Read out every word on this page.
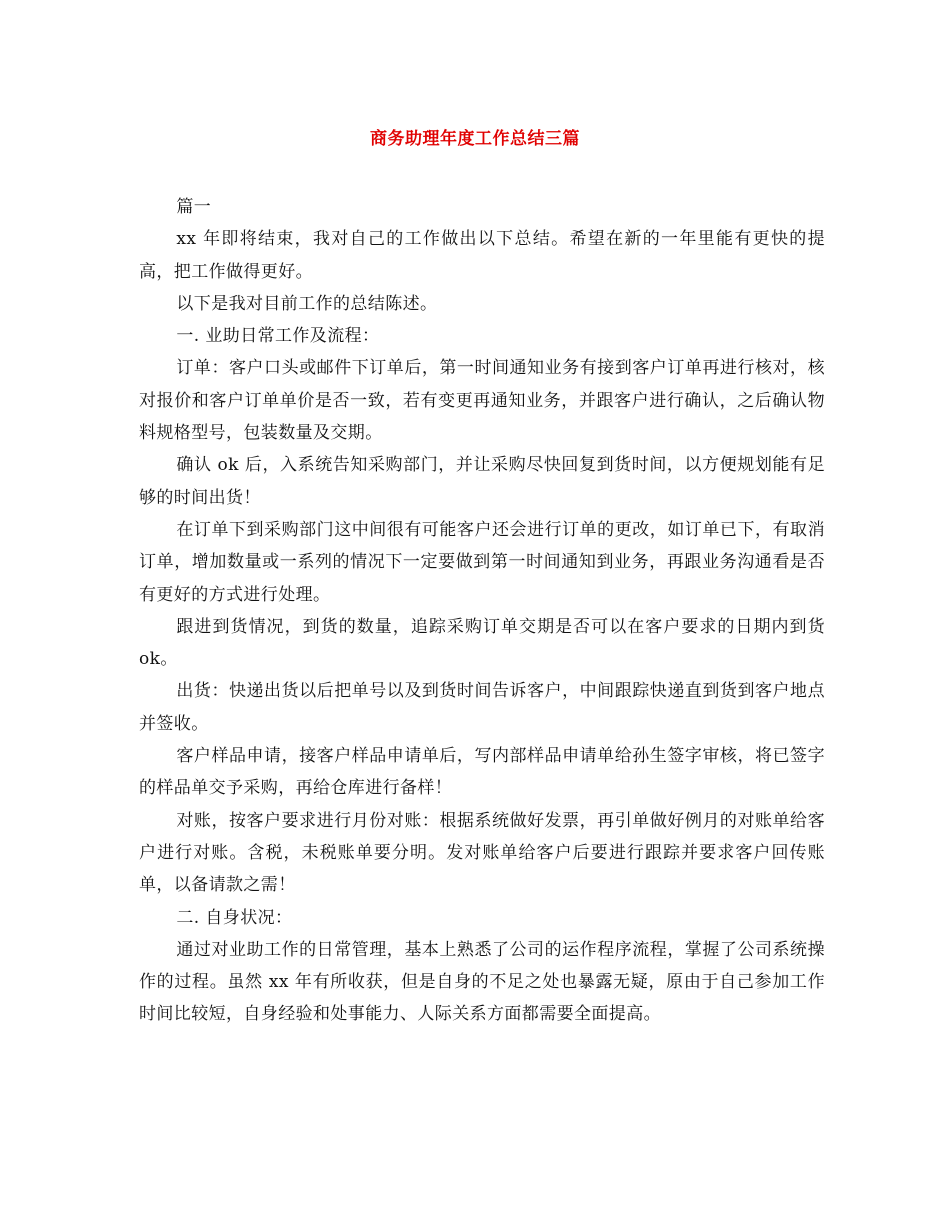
商务助理年度工作总结三篇

篇一

xx 年即将结束，我对自己的工作做出以下总结。希望在新的一年里能有更快的提高，把工作做得更好。

以下是我对目前工作的总结陈述。

一. 业助日常工作及流程：

订单：客户口头或邮件下订单后，第一时间通知业务有接到客户订单再进行核对，核对报价和客户订单单价是否一致，若有变更再通知业务，并跟客户进行确认，之后确认物料规格型号，包装数量及交期。

确认 ok 后，入系统告知采购部门，并让采购尽快回复到货时间，以方便规划能有足够的时间出货！

在订单下到采购部门这中间很有可能客户还会进行订单的更改，如订单已下，有取消订单，增加数量或一系列的情况下一定要做到第一时间通知到业务，再跟业务沟通看是否有更好的方式进行处理。

跟进到货情况，到货的数量，追踪采购订单交期是否可以在客户要求的日期内到货 ok。

出货：快递出货以后把单号以及到货时间告诉客户，中间跟踪快递直到货到客户地点并签收。

客户样品申请，接客户样品申请单后，写内部样品申请单给孙生签字审核，将已签字的样品单交予采购，再给仓库进行备样！

对账，按客户要求进行月份对账：根据系统做好发票，再引单做好例月的对账单给客户进行对账。含税，未税账单要分明。发对账单给客户后要进行跟踪并要求客户回传账单，以备请款之需！

二. 自身状况：

通过对业助工作的日常管理，基本上熟悉了公司的运作程序流程，掌握了公司系统操作的过程。虽然 xx 年有所收获，但是自身的不足之处也暴露无疑，原由于自己参加工作时间比较短，自身经验和处事能力、人际关系方面都需要全面提高。
